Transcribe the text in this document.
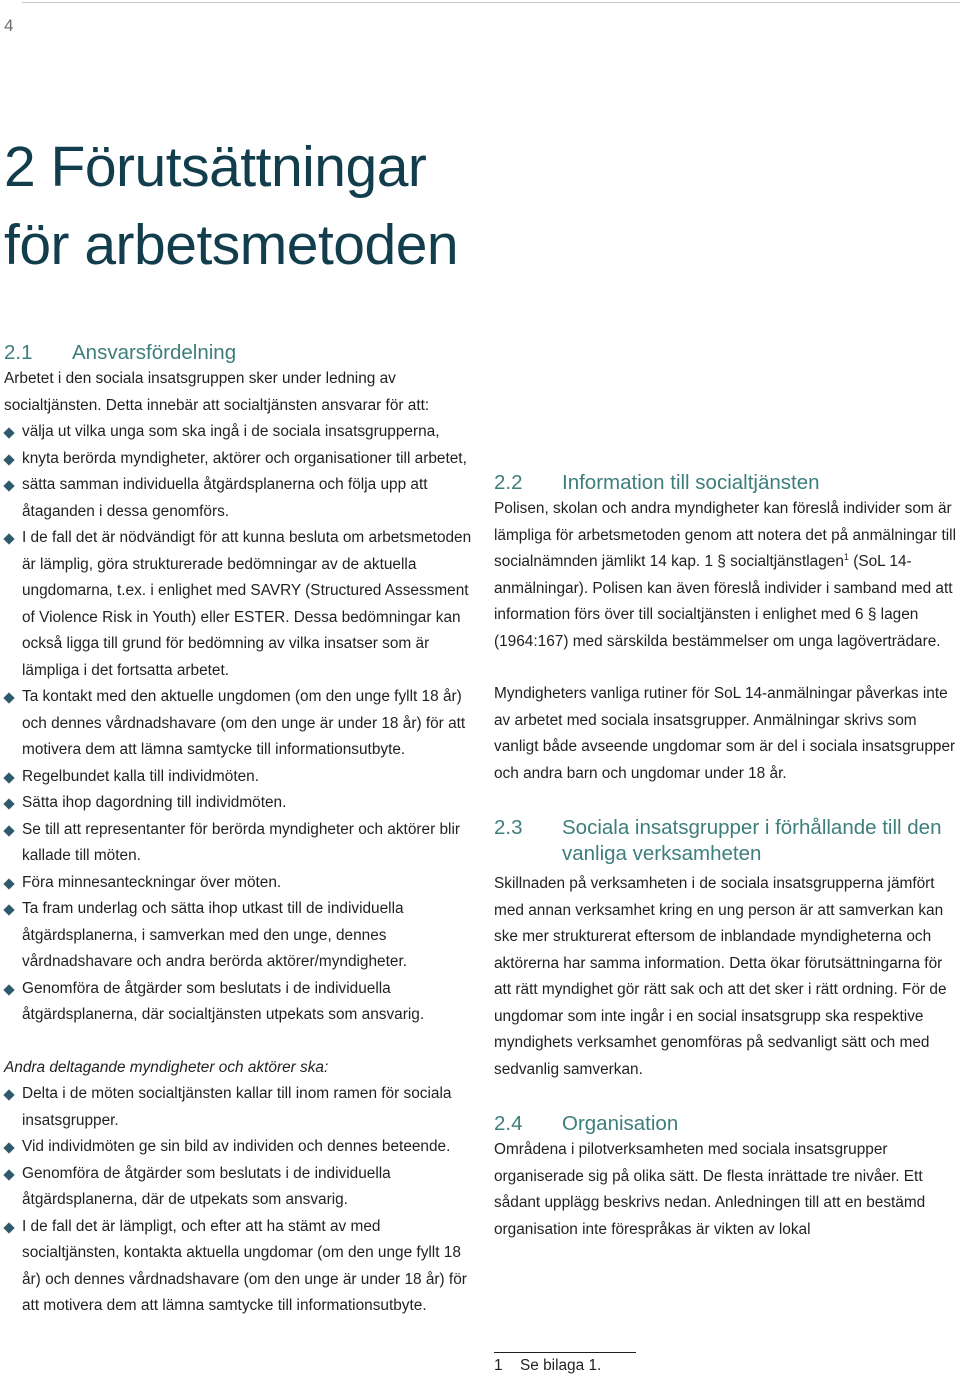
4
2 Förutsättningar
för arbetsmetoden
2.1	Ansvarsfördelning

Arbetet i den sociala insatsgruppen sker under ledning av socialtjänsten. Detta innebär att socialtjänsten ansvarar för att:

välja ut vilka unga som ska ingå i de sociala insatsgrupperna,
knyta berörda myndigheter, aktörer och organisationer till arbetet,
sätta samman individuella åtgärdsplanerna och följa upp att åtaganden i dessa genomförs.
I de fall det är nödvändigt för att kunna besluta om arbetsmetoden är lämplig, göra strukturerade bedömningar av de aktuella ungdomarna, t.ex. i enlighet med SAVRY (Structured Assessment of Violence Risk in Youth) eller ESTER. Dessa bedömningar kan också ligga till grund för bedömning av vilka insatser som är lämpliga i det fortsatta arbetet.
Ta kontakt med den aktuelle ungdomen (om den unge fyllt 18 år) och dennes vårdnadshavare (om den unge är under 18 år) för att motivera dem att lämna samtycke till informationsutbyte.
Regelbundet kalla till individmöten.
Sätta ihop dagordning till individmöten.
Se till att representanter för berörda myndigheter och aktörer blir kallade till möten.
Föra minnesanteckningar över möten.
Ta fram underlag och sätta ihop utkast till de individuella åtgärdsplanerna, i samverkan med den unge, dennes vårdnadshavare och andra berörda aktörer/myndigheter.
Genomföra de åtgärder som beslutats i de individuella åtgärdsplanerna, där socialtjänsten utpekats som ansvarig.

Andra deltagande myndigheter och aktörer ska:

Delta i de möten socialtjänsten kallar till inom ramen för sociala insatsgrupper.
Vid individmöten ge sin bild av individen och dennes beteende.
Genomföra de åtgärder som beslutats i de individuella åtgärdsplanerna, där de utpekats som ansvarig.
I de fall det är lämpligt, och efter att ha stämt av med socialtjänsten, kontakta aktuella ungdomar (om den unge fyllt 18 år) och dennes vårdnadshavare (om den unge är under 18 år) för att motivera dem att lämna samtycke till informationsutbyte.
2.2	Information till socialtjänsten

Polisen, skolan och andra myndigheter kan föreslå individer som är lämpliga för arbetsmetoden genom att notera det på anmälningar till socialnämnden jämlikt 14 kap. 1 § socialtjänstlagen$^1$ (SoL 14-anmälningar). Polisen kan även föreslå individer i samband med att information förs över till socialtjänsten i enlighet med 6 § lagen (1964:167) med särskilda bestämmelser om unga lagöverträdare.

Myndigheters vanliga rutiner för SoL 14-anmälningar påverkas inte av arbetet med sociala insatsgrupper. Anmälningar skrivs som vanligt både avseende ungdomar som är del i sociala insatsgrupper och andra barn och ungdomar under 18 år.

2.3	Sociala insatsgrupper i förhållande till den vanliga verksamheten

Skillnaden på verksamheten i de sociala insatsgrupperna jämfört med annan verksamhet kring en ung person är att samverkan kan ske mer strukturerat eftersom de inblandade myndigheterna och aktörerna har samma information. Detta ökar förutsättningarna för att rätt myndighet gör rätt sak och att det sker i rätt ordning. För de ungdomar som inte ingår i en social insatsgrupp ska respektive myndighets verksamhet genomföras på sedvanligt sätt och med sedvanlig samverkan.

2.4	Organisation

Områdena i pilotverksamheten med sociala insatsgrupper organiserade sig på olika sätt. De flesta inrättade tre nivåer. Ett sådant upplägg beskrivs nedan. Anledningen till att en bestämd organisation inte förespråkas är vikten av lokal

1 Se bilaga 1.
